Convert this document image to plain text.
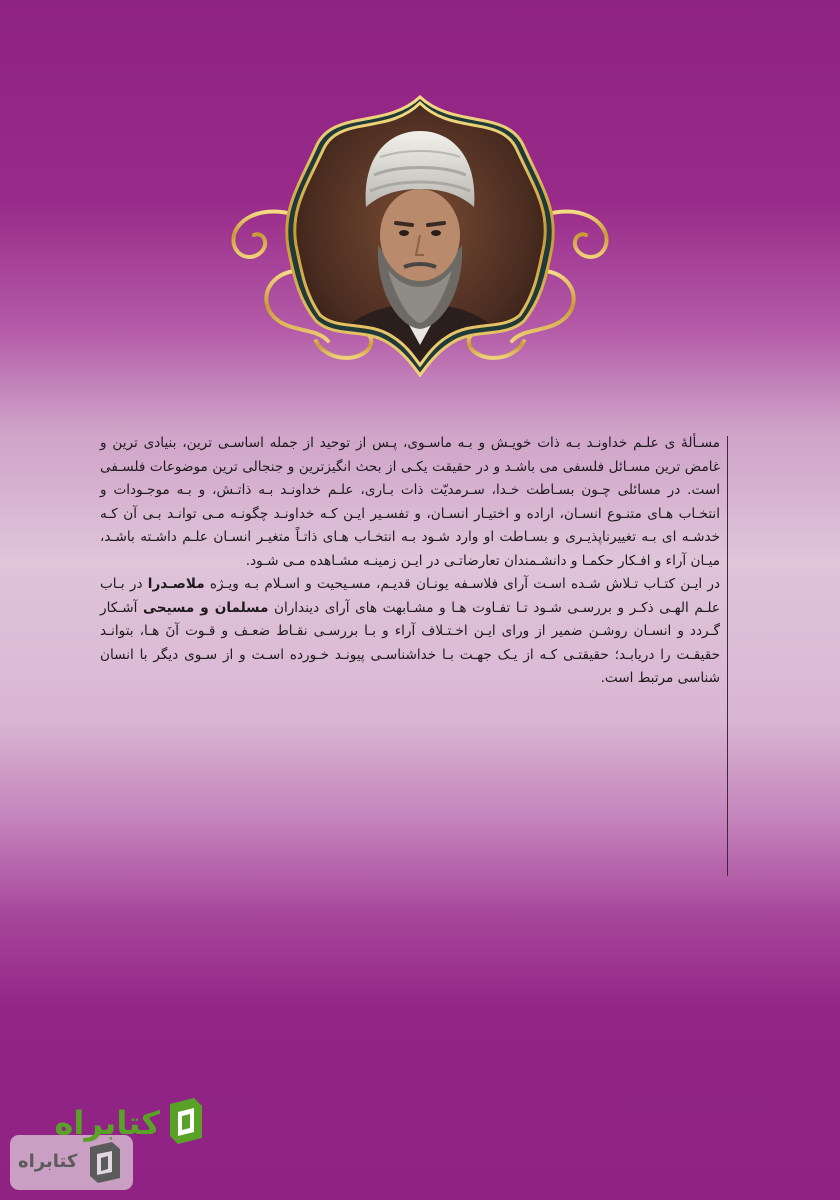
مسـألهٔ ی علـم خداونـد بـه ذات خویـش و بـه ماسـوی، پـس از توحید از جمله اساسـی ترین، بنیادی ترین و غامض ترین مسـائل فلسفی می باشـد و در حقیقت یکـی از بحث انگیزترین و جنجالی ترین موضوعات فلسـفی است. در مسائلی چـون بسـاطت خـدا، سـرمدیّت ذات بـاری، علـم خداونـد بـه ذاتـش، و بـه موجـودات و انتخـاب هـای متنـوع انسـان، اراده و اختیـار انسـان، و تفسـیر ایـن کـه خداونـد چگونـه مـی توانـد بـی آن کـه خدشـه ای بـه تغییرناپذیـری و بسـاطت او وارد شـود بـه انتخـاب هـای ذاتـاً متغیـر انسـان علـم داشـته باشـد، میـان آراء و افـکار حکمـا و دانشـمندان تعارضاتـی در ایـن زمینـه مشـاهده مـی شـود.

در ایـن کتـاب تـلاش شـده اسـت آرای فلاسـفه یونـان قدیـم، مسـیحیت و اسـلام بـه ویـژه ملاصـدرا در بـاب علـم الهـی ذکـر و بررسـی شـود تـا تفـاوت هـا و مشـابهت های آرای دینداران مسلمان و مسیحی آشـکار گـردد و انسـان روشـن ضمیر از ورای ایـن اخـتـلاف آراء و بـا بررسـی نقـاط ضعـف و قـوت آنَ هـا، بتوانـد حقیقـت را دریابـد؛ حقیقتـی کـه از یـک جهـت بـا خداشناسـی پیونـد خـورده اسـت و از سـوی دیگر با انسان شناسی مرتبط است.

کتابراه
کتابراه
